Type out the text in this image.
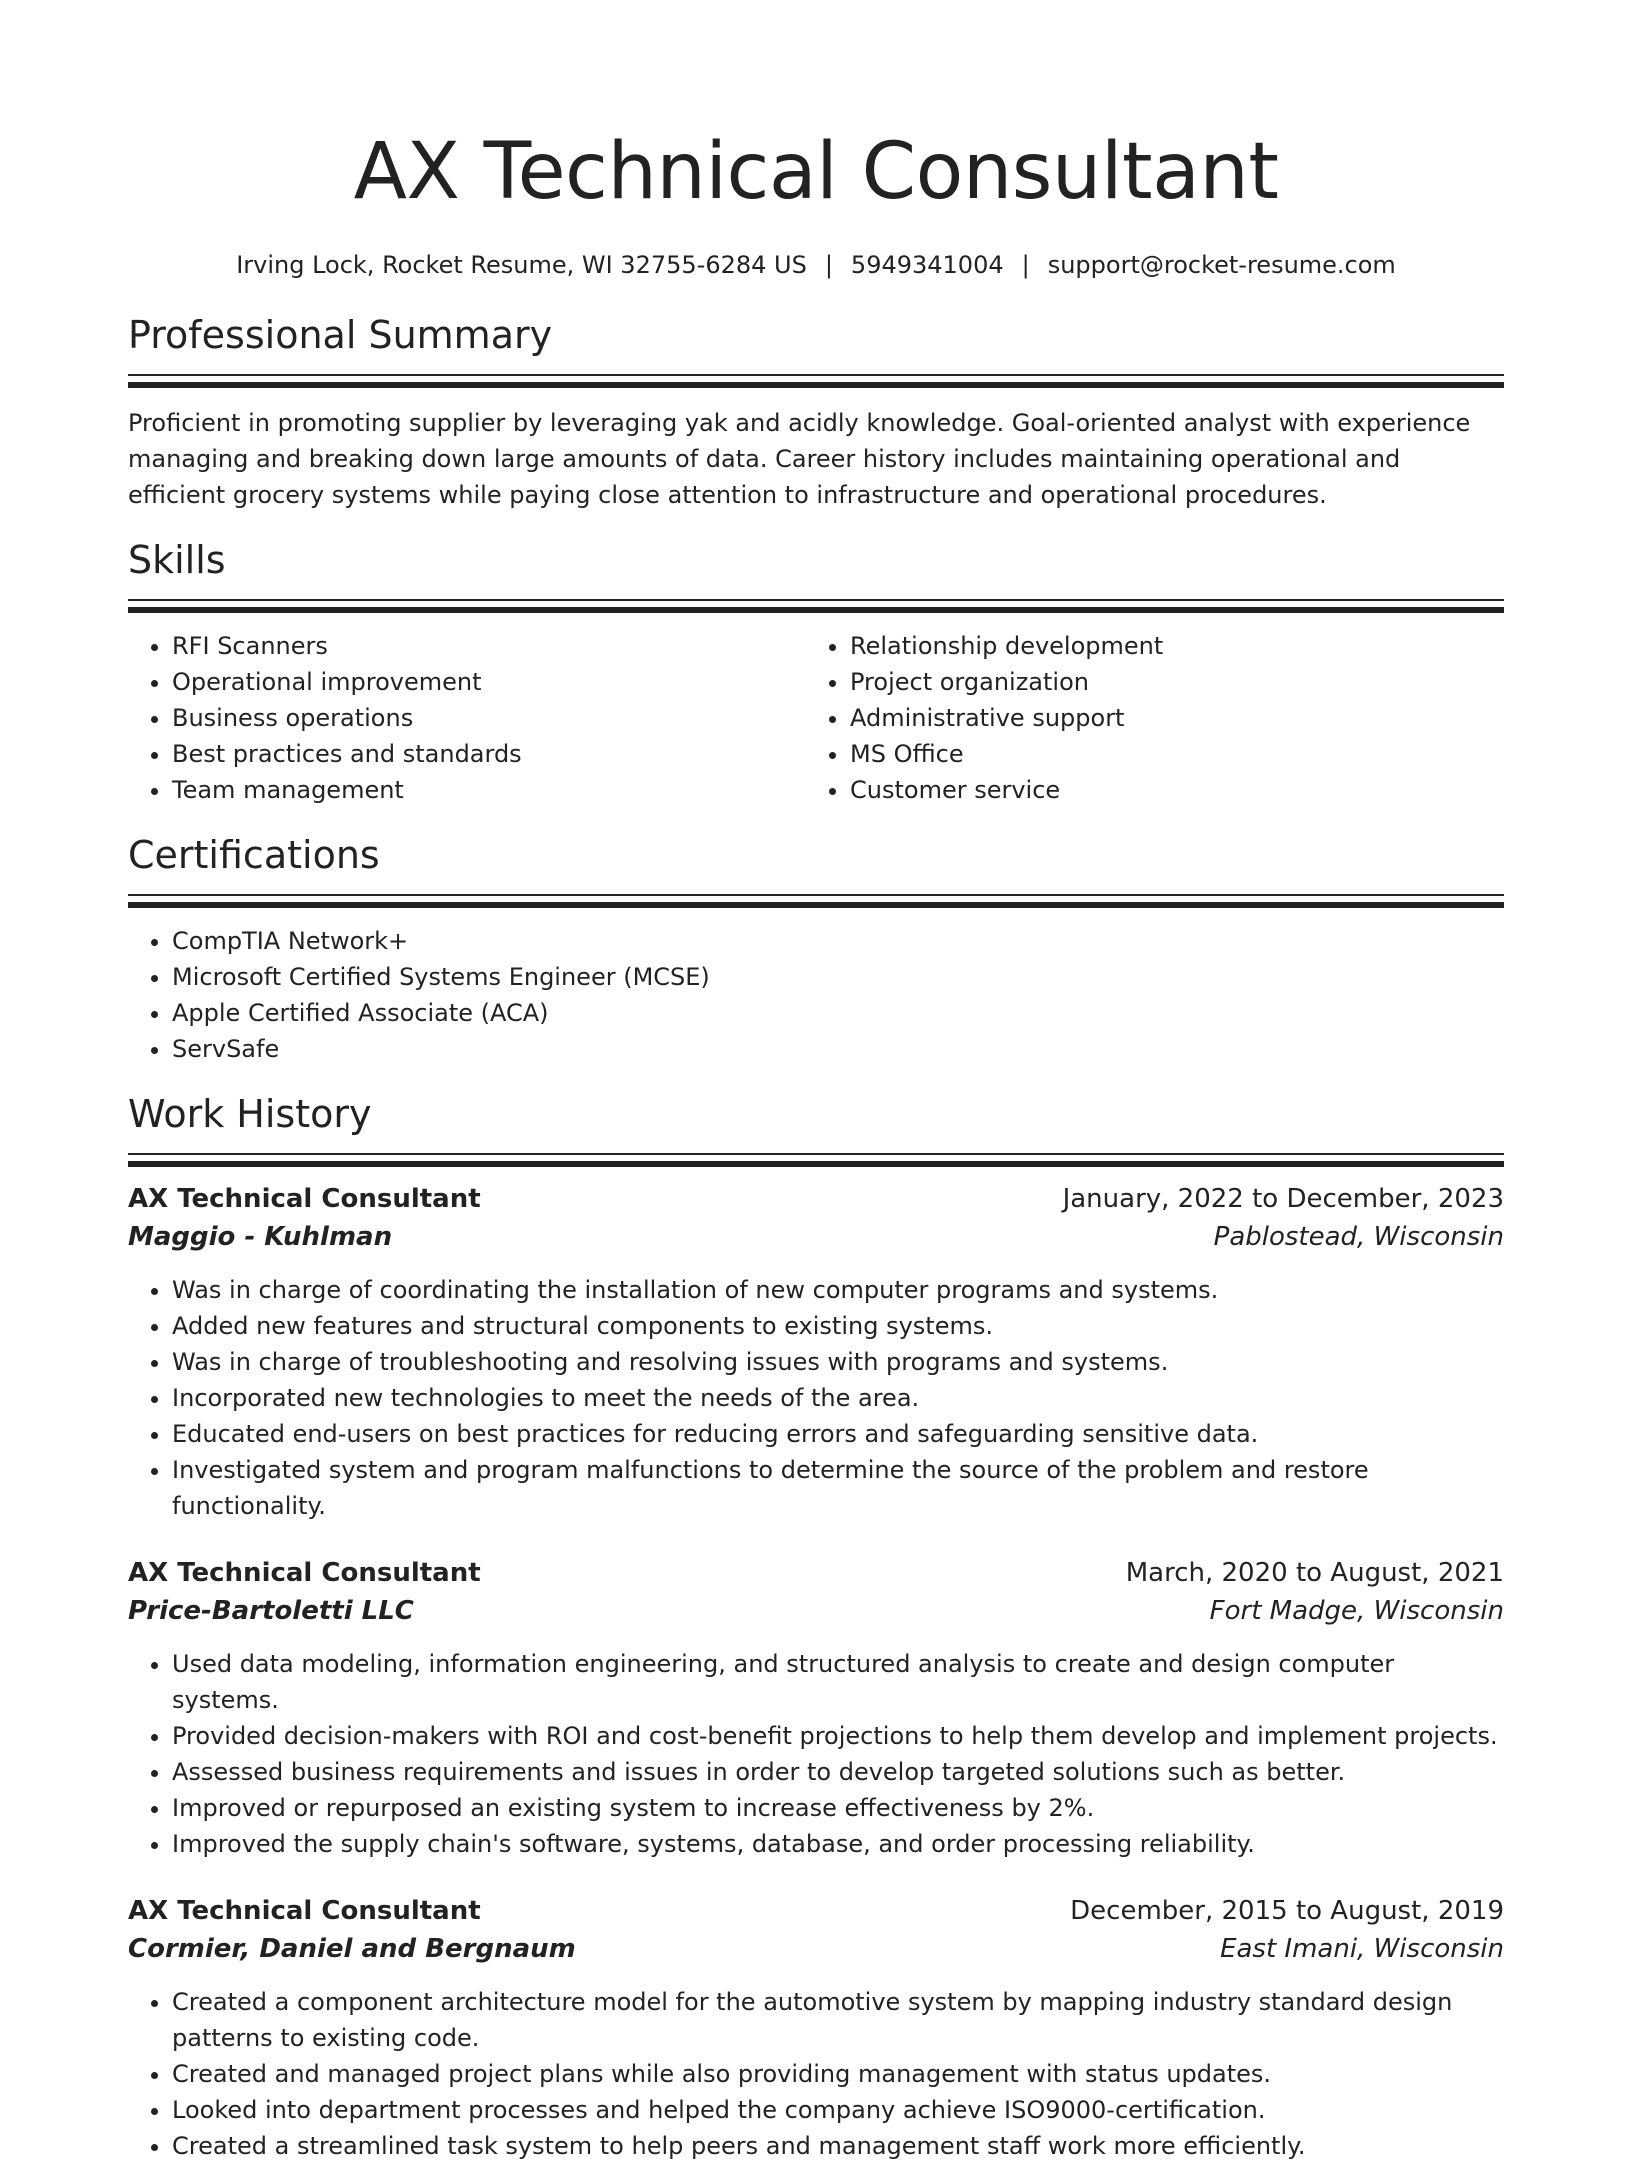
AX Technical Consultant
Irving Lock, Rocket Resume, WI 32755-6284 US | 5949341004 | support@rocket-resume.com
Professional Summary

Proficient in promoting supplier by leveraging yak and acidly knowledge. Goal-oriented analyst with experience managing and breaking down large amounts of data. Career history includes maintaining operational and efficient grocery systems while paying close attention to infrastructure and operational procedures.

Skills
• RFI Scanners
• Operational improvement
• Business operations
• Best practices and standards
• Team management
• Relationship development
• Project organization
• Administrative support
• MS Office
• Customer service
Certifications
• CompTIA Network+
• Microsoft Certified Systems Engineer (MCSE)
• Apple Certified Associate (ACA)
• ServSafe
Work History
AX Technical Consultant	January, 2022 to December, 2023
Maggio - Kuhlman	Pablostead, Wisconsin
• Was in charge of coordinating the installation of new computer programs and systems.
• Added new features and structural components to existing systems.
• Was in charge of troubleshooting and resolving issues with programs and systems.
• Incorporated new technologies to meet the needs of the area.
• Educated end-users on best practices for reducing errors and safeguarding sensitive data.
• Investigated system and program malfunctions to determine the source of the problem and restore functionality.
AX Technical Consultant	March, 2020 to August, 2021
Price-Bartoletti LLC	Fort Madge, Wisconsin
• Used data modeling, information engineering, and structured analysis to create and design computer systems.
• Provided decision-makers with ROI and cost-benefit projections to help them develop and implement projects.
• Assessed business requirements and issues in order to develop targeted solutions such as better.
• Improved or repurposed an existing system to increase effectiveness by 2%.
• Improved the supply chain's software, systems, database, and order processing reliability.
AX Technical Consultant	December, 2015 to August, 2019
Cormier, Daniel and Bergnaum	East Imani, Wisconsin
• Created a component architecture model for the automotive system by mapping industry standard design patterns to existing code.
• Created and managed project plans while also providing management with status updates.
• Looked into department processes and helped the company achieve ISO9000-certification.
• Created a streamlined task system to help peers and management staff work more efficiently.
